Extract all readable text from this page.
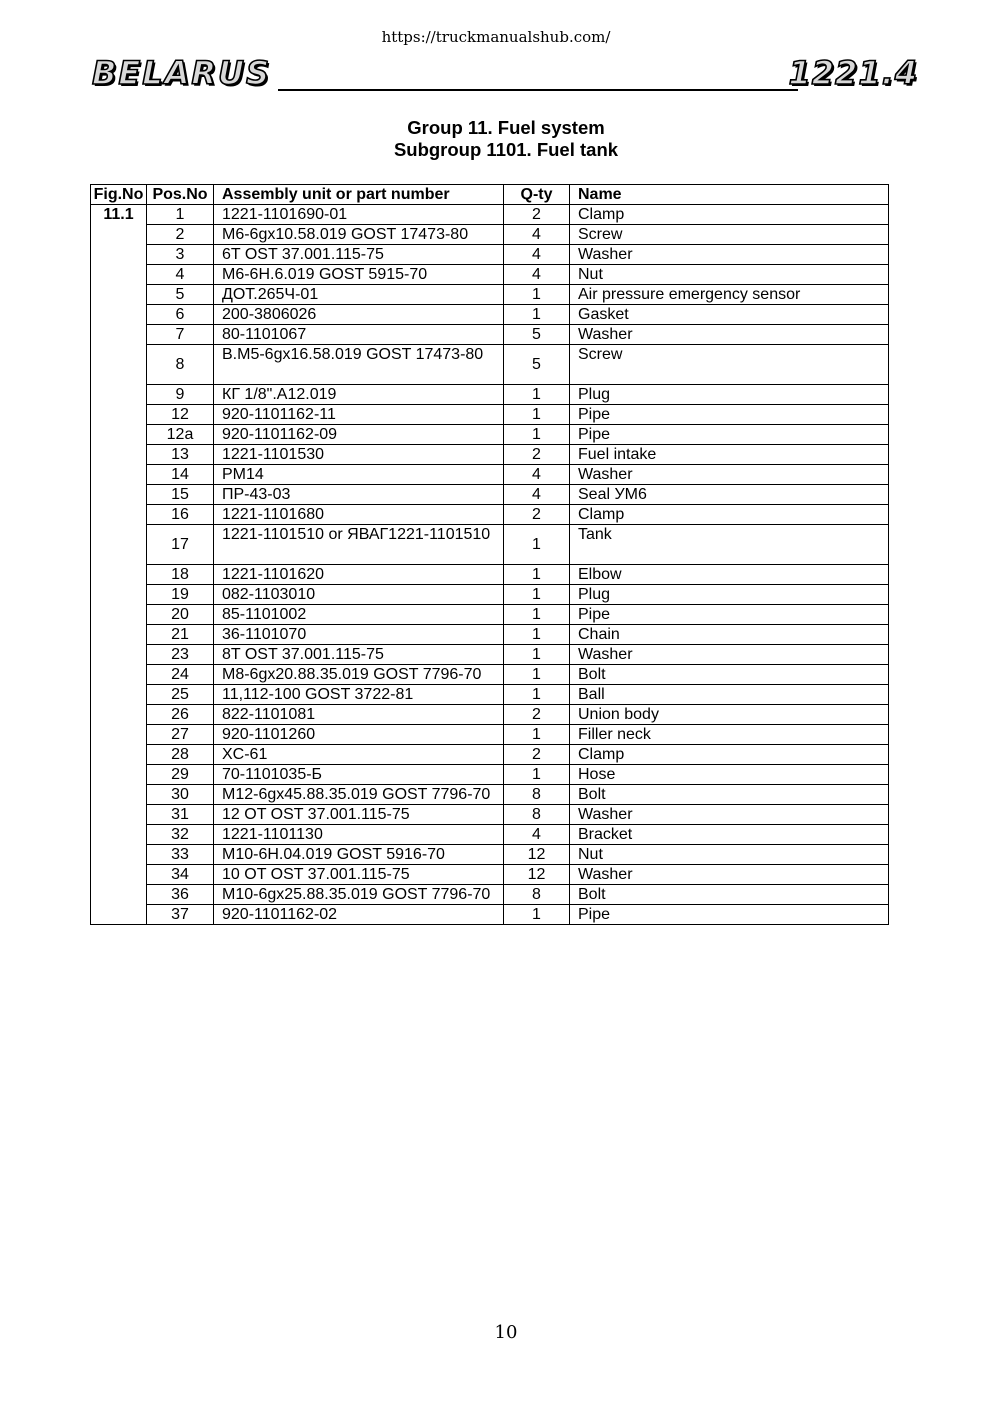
https://truckmanualshub.com/
BELARUS	1221.4
Group 11. Fuel system
Subgroup 1101. Fuel tank
Fig.No	Pos.No	Assembly unit or part number	Q-ty	Name
11.1	1	1221-1101690-01	2	Clamp
	2	M6-6gx10.58.019 GOST 17473-80	4	Screw
	3	6T OST 37.001.115-75	4	Washer
	4	M6-6H.6.019 GOST 5915-70	4	Nut
	5	ДОТ.265Ч-01	1	Air pressure emergency sensor
	6	200-3806026	1	Gasket
	7	80-1101067	5	Washer
	8	B.M5-6gx16.58.019 GOST 17473-80	5	Screw
	9	КГ 1/8".A12.019	1	Plug
	12	920-1101162-11	1	Pipe
	12a	920-1101162-09	1	Pipe
	13	1221-1101530	2	Fuel intake
	14	PM14	4	Washer
	15	ПР-43-03	4	Seal УМ6
	16	1221-1101680	2	Clamp
	17	1221-1101510 or ЯВАГ1221-1101510	1	Tank
	18	1221-1101620	1	Elbow
	19	082-1103010	1	Plug
	20	85-1101002	1	Pipe
	21	36-1101070	1	Chain
	23	8T OST 37.001.115-75	1	Washer
	24	M8-6gx20.88.35.019 GOST 7796-70	1	Bolt
	25	11,112-100 GOST 3722-81	1	Ball
	26	822-1101081	2	Union body
	27	920-1101260	1	Filler neck
	28	XC-61	2	Clamp
	29	70-1101035-Б	1	Hose
	30	M12-6gx45.88.35.019 GOST 7796-70	8	Bolt
	31	12 OT OST 37.001.115-75	8	Washer
	32	1221-1101130	4	Bracket
	33	M10-6H.04.019 GOST 5916-70	12	Nut
	34	10 OT OST 37.001.115-75	12	Washer
	36	M10-6gx25.88.35.019 GOST 7796-70	8	Bolt
	37	920-1101162-02	1	Pipe
10
